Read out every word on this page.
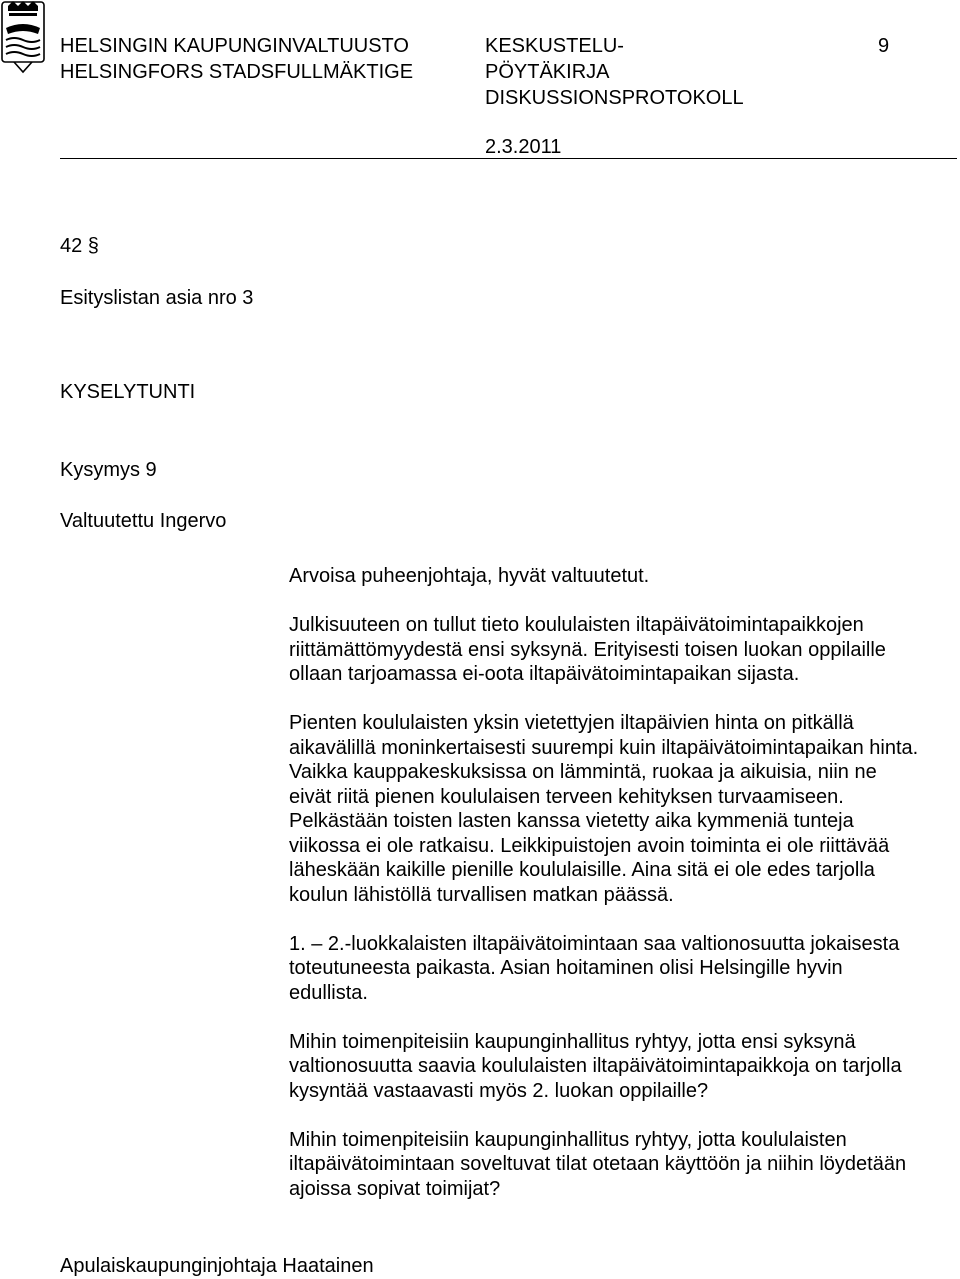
HELSINGIN KAUPUNGINVALTUUSTO
HELSINGFORS STADSFULLMÄKTIGE
KESKUSTELU-
PÖYTÄKIRJA
DISKUSSIONSPROTOKOLL
9
2.3.2011
42 §
Esityslistan asia nro 3
KYSELYTUNTI
Kysymys 9
Valtuutettu Ingervo
Arvoisa puheenjohtaja, hyvät valtuutetut.
Julkisuuteen on tullut tieto koululaisten iltapäivätoimintapaikkojen
riittämättömyydestä ensi syksynä. Erityisesti toisen luokan oppilaille
ollaan tarjoamassa ei-oota iltapäivätoimintapaikan sijasta.
Pienten koululaisten yksin vietettyjen iltapäivien hinta on pitkällä
aikavälillä moninkertaisesti suurempi kuin iltapäivätoimintapaikan hinta.
Vaikka kauppakeskuksissa on lämmintä, ruokaa ja aikuisia, niin ne
eivät riitä pienen koululaisen terveen kehityksen turvaamiseen.
Pelkästään toisten lasten kanssa vietetty aika kymmeniä tunteja
viikossa ei ole ratkaisu. Leikkipuistojen avoin toiminta ei ole riittävää
läheskään kaikille pienille koululaisille. Aina sitä ei ole edes tarjolla
koulun lähistöllä turvallisen matkan päässä.
1. – 2.-luokkalaisten iltapäivätoimintaan saa valtionosuutta jokaisesta
toteutuneesta paikasta. Asian hoitaminen olisi Helsingille hyvin
edullista.
Mihin toimenpiteisiin kaupunginhallitus ryhtyy, jotta ensi syksynä
valtionosuutta saavia koululaisten iltapäivätoimintapaikkoja on tarjolla
kysyntää vastaavasti myös 2. luokan oppilaille?
Mihin toimenpiteisiin kaupunginhallitus ryhtyy, jotta koululaisten
iltapäivätoimintaan soveltuvat tilat otetaan käyttöön ja niihin löydetään
ajoissa sopivat toimijat?
Apulaiskaupunginjohtaja Haatainen
